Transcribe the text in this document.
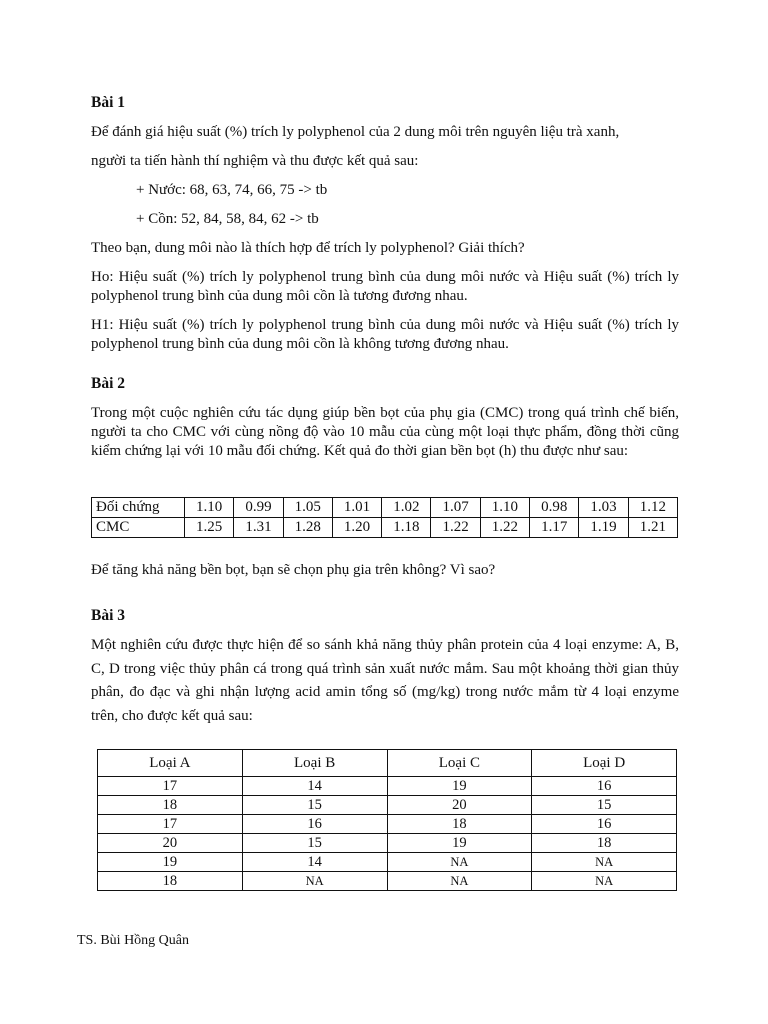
Bài 1

Để đánh giá hiệu suất (%) trích ly polyphenol của 2 dung môi trên nguyên liệu trà xanh,

người ta tiến hành thí nghiệm và thu được kết quả sau:

+ Nước: 68, 63, 74, 66, 75 -> tb

+ Cồn: 52, 84, 58, 84, 62 -> tb

Theo bạn, dung môi nào là thích hợp để trích ly polyphenol? Giải thích?

Ho: Hiệu suất (%) trích ly polyphenol trung bình của dung môi nước và Hiệu suất (%) trích ly polyphenol trung bình của dung môi cồn là tương đương nhau.

H1: Hiệu suất (%) trích ly polyphenol trung bình của dung môi nước và Hiệu suất (%) trích ly polyphenol trung bình của dung môi cồn là không tương đương nhau.

Bài 2

Trong một cuộc nghiên cứu tác dụng giúp bền bọt của phụ gia (CMC) trong quá trình chế biến, người ta cho CMC với cùng nồng độ vào 10 mẫu của cùng một loại thực phẩm, đồng thời cũng kiểm chứng lại với 10 mẫu đối chứng. Kết quả đo thời gian bền bọt (h) thu được như sau:

Đối chứng	1.10	0.99	1.05	1.01	1.02	1.07	1.10	0.98	1.03	1.12
CMC	1.25	1.31	1.28	1.20	1.18	1.22	1.22	1.17	1.19	1.21

Để tăng khả năng bền bọt, bạn sẽ chọn phụ gia trên không? Vì sao?

Bài 3

Một nghiên cứu được thực hiện để so sánh khả năng thủy phân protein của 4 loại enzyme: A, B, C, D trong việc thủy phân cá trong quá trình sản xuất nước mắm. Sau một khoảng thời gian thủy phân, đo đạc và ghi nhận lượng acid amin tổng số (mg/kg) trong nước mắm từ 4 loại enzyme trên, cho được kết quả sau:

Loại A	Loại B	Loại C	Loại D
17	14	19	16
18	15	20	15
17	16	18	16
20	15	19	18
19	14	NA	NA
18	NA	NA	NA

TS. Bùi Hồng Quân
